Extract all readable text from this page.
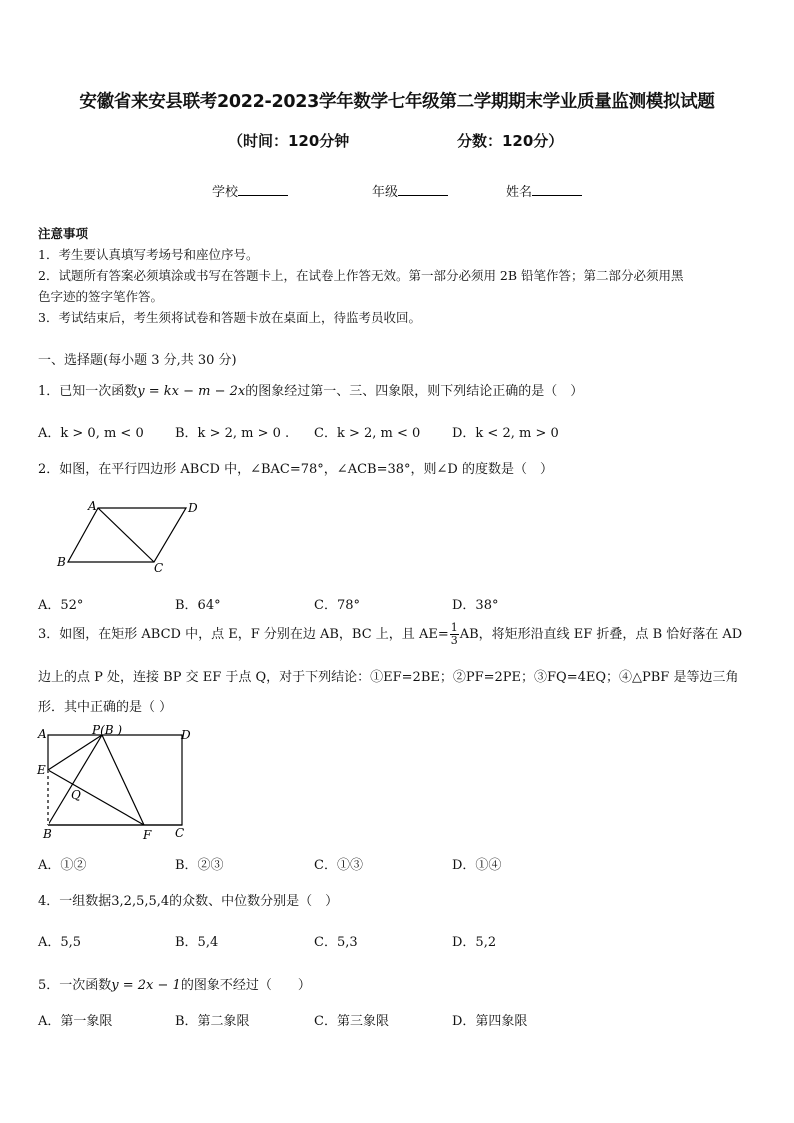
安徽省来安县联考2022-2023学年数学七年级第二学期期末学业质量监测模拟试题
（时间：120分钟	分数：120分）
学校	年级	姓名
注意事项
1．考生要认真填写考场号和座位序号。
2．试题所有答案必须填涂或书写在答题卡上，在试卷上作答无效。第一部分必须用 2B 铅笔作答；第二部分必须用黑
色字迹的签字笔作答。
3．考试结束后，考生须将试卷和答题卡放在桌面上，待监考员收回。
一、选择题(每小题 3 分,共 30 分)
1．已知一次函数y = kx − m − 2x的图象经过第一、三、四象限，则下列结论正确的是（　）
A．k > 0, m < 0 B．k > 2, m > 0 . C．k > 2, m < 0 D．k < 2, m > 0
2．如图，在平行四边形 ABCD 中，∠BAC=78°，∠ACB=38°，则∠D 的度数是（　）
A	D
B	C
A．52°	B．64°	C．78°	D．38°
3．如图，在矩形 ABCD 中，点 E，F 分别在边 AB，BC 上，且 $AE= \frac{1}{3}$ AB，将矩形沿直线 EF 折叠，点 B 恰好落在 AD
边上的点 P 处，连接 BP 交 EF 于点 Q，对于下列结论：①EF=2BE；②PF=2PE；③FQ=4EQ；④△PBF 是等边三角
形．其中正确的是（ ）
A	P(B )	D
E
Q
B	F C
A．①②	B．②③	C．①③	D．①④
4．一组数据3,2,5,5,4的众数、中位数分别是（　）
A．5,5	B．5,4	C．5,3	D．5,2
5．一次函数y = 2x − 1的图象不经过（　　）
A．第一象限	B．第二象限	C．第三象限	D．第四象限
